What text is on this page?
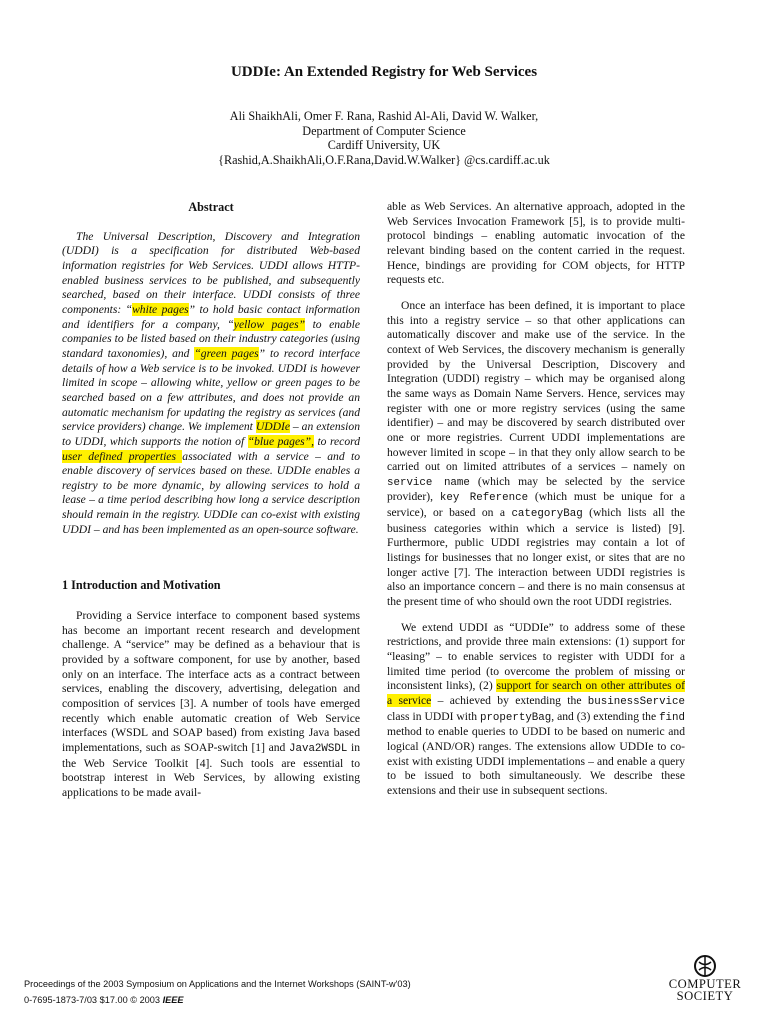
UDDIe: An Extended Registry for Web Services
Ali ShaikhAli, Omer F. Rana, Rashid Al-Ali, David W. Walker,
Department of Computer Science
Cardiff University, UK
{Rashid,A.ShaikhAli,O.F.Rana,David.W.Walker} @cs.cardiff.ac.uk
Abstract

The Universal Description, Discovery and Integration (UDDI) is a specification for distributed Web-based information registries for Web Services. UDDI allows HTTP-enabled business services to be published, and subsequently searched, based on their interface. UDDI consists of three components: “white pages” to hold basic contact information and identifiers for a company, “yellow pages” to enable companies to be listed based on their industry categories (using standard taxonomies), and “green pages” to record interface details of how a Web service is to be invoked. UDDI is however limited in scope – allowing white, yellow or green pages to be searched based on a few attributes, and does not provide an automatic mechanism for updating the registry as services (and service providers) change. We implement UDDIe – an extension to UDDI, which supports the notion of “blue pages”, to record user defined properties associated with a service – and to enable discovery of services based on these. UDDIe enables a registry to be more dynamic, by allowing services to hold a lease – a time period describing how long a service description should remain in the registry. UDDIe can co-exist with existing UDDI – and has been implemented as an open-source software.

1 Introduction and Motivation

Providing a Service interface to component based systems has become an important recent research and development challenge. A “service” may be defined as a behaviour that is provided by a software component, for use by another, based only on an interface. The interface acts as a contract between services, enabling the discovery, advertising, delegation and composition of services [3]. A number of tools have emerged recently which enable automatic creation of Web Service interfaces (WSDL and SOAP based) from existing Java based implementations, such as SOAP-switch [1] and Java2WSDL in the Web Service Toolkit [4]. Such tools are essential to bootstrap interest in Web Services, by allowing existing applications to be made avail-

able as Web Services. An alternative approach, adopted in the Web Services Invocation Framework [5], is to provide multi-protocol bindings – enabling automatic invocation of the relevant binding based on the content carried in the request. Hence, bindings are providing for COM objects, for HTTP requests etc.

Once an interface has been defined, it is important to place this into a registry service – so that other applications can automatically discover and make use of the service. In the context of Web Services, the discovery mechanism is generally provided by the Universal Description, Discovery and Integration (UDDI) registry – which may be organised along the same ways as Domain Name Servers. Hence, services may register with one or more registry services (using the same identifier) – and may be discovered by search distributed over one or more registries. Current UDDI implementations are however limited in scope – in that they only allow search to be carried out on limited attributes of a services – namely on service name (which may be selected by the service provider), key Reference (which must be unique for a service), or based on a categoryBag (which lists all the business categories within which a service is listed) [9]. Furthermore, public UDDI registries may contain a lot of listings for businesses that no longer exist, or sites that are no longer active [7]. The interaction between UDDI registries is also an importance concern – and there is no main consensus at the present time of who should own the root UDDI registries.

We extend UDDI as “UDDIe” to address some of these restrictions, and provide three main extensions: (1) support for “leasing” – to enable services to register with UDDI for a limited time period (to overcome the problem of missing or inconsistent links), (2) support for search on other attributes of a service – achieved by extending the businessService class in UDDI with propertyBag, and (3) extending the find method to enable queries to UDDI to be based on numeric and logical (AND/OR) ranges. The extensions allow UDDIe to co-exist with existing UDDI implementations – and enable a query to be issued to both simultaneously. We describe these extensions and their use in subsequent sections.

Proceedings of the 2003 Symposium on Applications and the Internet Workshops (SAINT-w'03)
0-7695-1873-7/03 $17.00 © 2003 IEEE
COMPUTER
SOCIETY
